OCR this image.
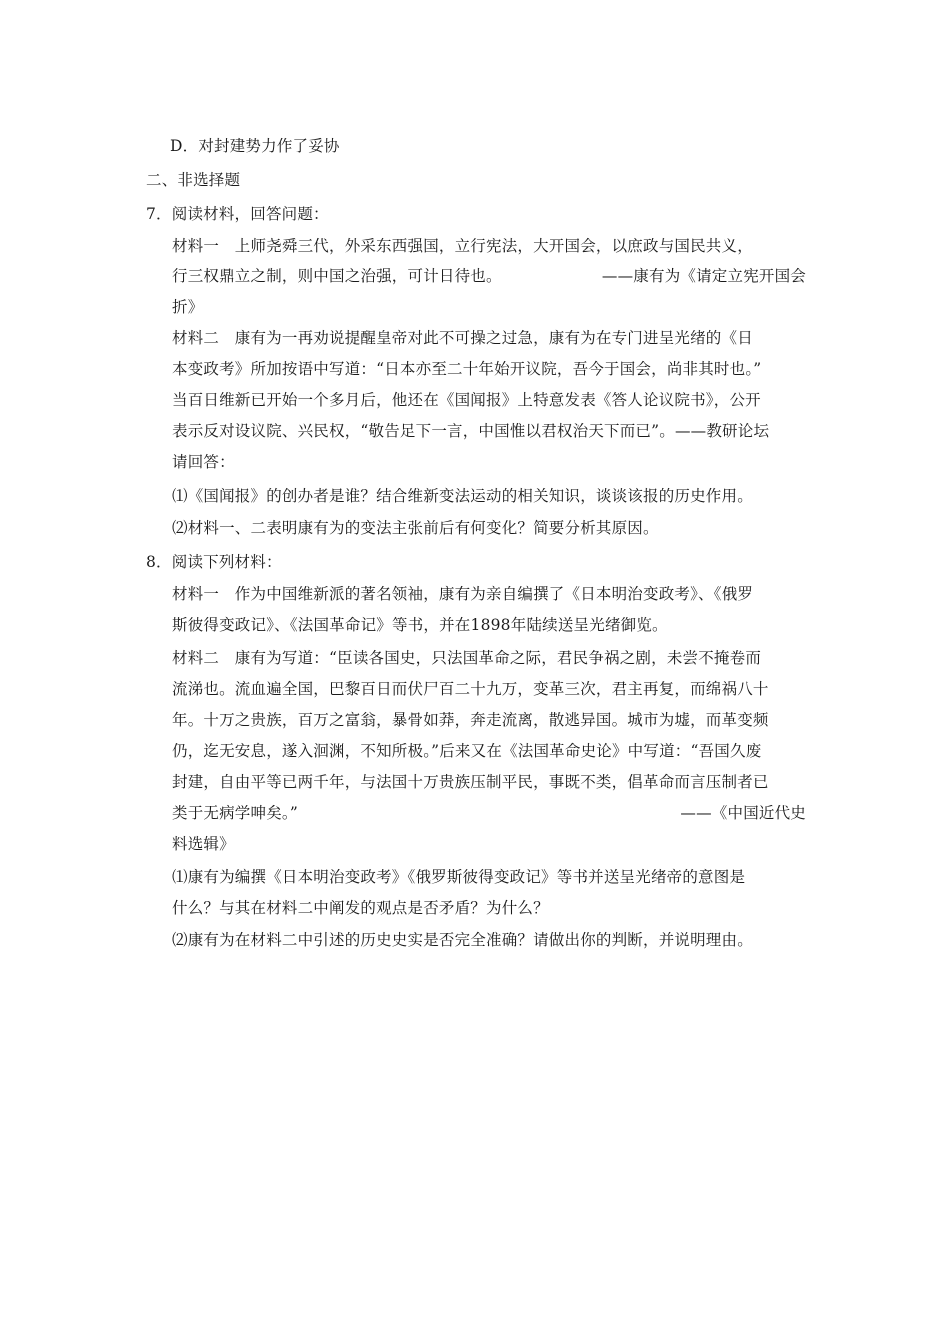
D．对封建势力作了妥协
二、非选择题
7．阅读材料，回答问题：
材料一　上师尧舜三代，外采东西强国，立行宪法，大开国会，以庶政与国民共义，
行三权鼎立之制，则中国之治强，可计日待也。	——康有为《请定立宪开国会
折》
材料二　康有为一再劝说提醒皇帝对此不可操之过急，康有为在专门进呈光绪的《日
本变政考》所加按语中写道：“日本亦至二十年始开议院，吾今于国会，尚非其时也。”
当百日维新已开始一个多月后，他还在《国闻报》上特意发表《答人论议院书》，公开
表示反对设议院、兴民权，“敬告足下一言，中国惟以君权治天下而已”。——教研论坛
请回答：
⑴《国闻报》的创办者是谁？结合维新变法运动的相关知识，谈谈该报的历史作用。
⑵材料一、二表明康有为的变法主张前后有何变化？简要分析其原因。
8．阅读下列材料：
材料一　作为中国维新派的著名领袖，康有为亲自编撰了《日本明治变政考》、《俄罗
斯彼得变政记》、《法国革命记》等书，并在1898年陆续送呈光绪御览。
材料二　康有为写道：“臣读各国史，只法国革命之际，君民争祸之剧，未尝不掩卷而
流涕也。流血遍全国，巴黎百日而伏尸百二十九万，变革三次，君主再复，而绵祸八十
年。十万之贵族，百万之富翁，暴骨如莽，奔走流离，散逃异国。城市为墟，而革变频
仍，迄无安息，遂入洄渊，不知所极。”后来又在《法国革命史论》中写道：“吾国久废
封建，自由平等已两千年，与法国十万贵族压制平民，事既不类，倡革命而言压制者已
类于无病学呻矣。”	——《中国近代史
料选辑》
⑴康有为编撰《日本明治变政考》《俄罗斯彼得变政记》等书并送呈光绪帝的意图是
什么？与其在材料二中阐发的观点是否矛盾？为什么？
⑵康有为在材料二中引述的历史史实是否完全准确？请做出你的判断，并说明理由。
